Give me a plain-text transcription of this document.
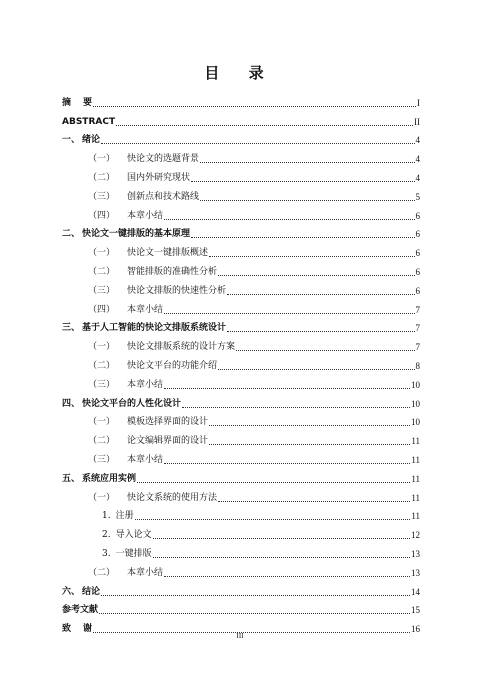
目 录
摘 要	I
ABSTRACT	II
一、 绪论	4
（一） 快论文的选题背景	4
（二） 国内外研究现状	4
（三） 创新点和技术路线	5
（四） 本章小结	6
二、 快论文一键排版的基本原理	6
（一） 快论文一键排版概述	6
（二） 智能排版的准确性分析	6
（三） 快论文排版的快速性分析	6
（四） 本章小结	7
三、 基于人工智能的快论文排版系统设计	7
（一） 快论文排版系统的设计方案	7
（二） 快论文平台的功能介绍	8
（三） 本章小结	10
四、 快论文平台的人性化设计	10
（一） 模板选择界面的设计	10
（二） 论文编辑界面的设计	11
（三） 本章小结	11
五、 系统应用实例	11
（一） 快论文系统的使用方法	11
1. 注册	11
2. 导入论文	12
3. 一键排版	13
（二） 本章小结	13
六、 结论	14
参考文献	15
致 谢	16
III
